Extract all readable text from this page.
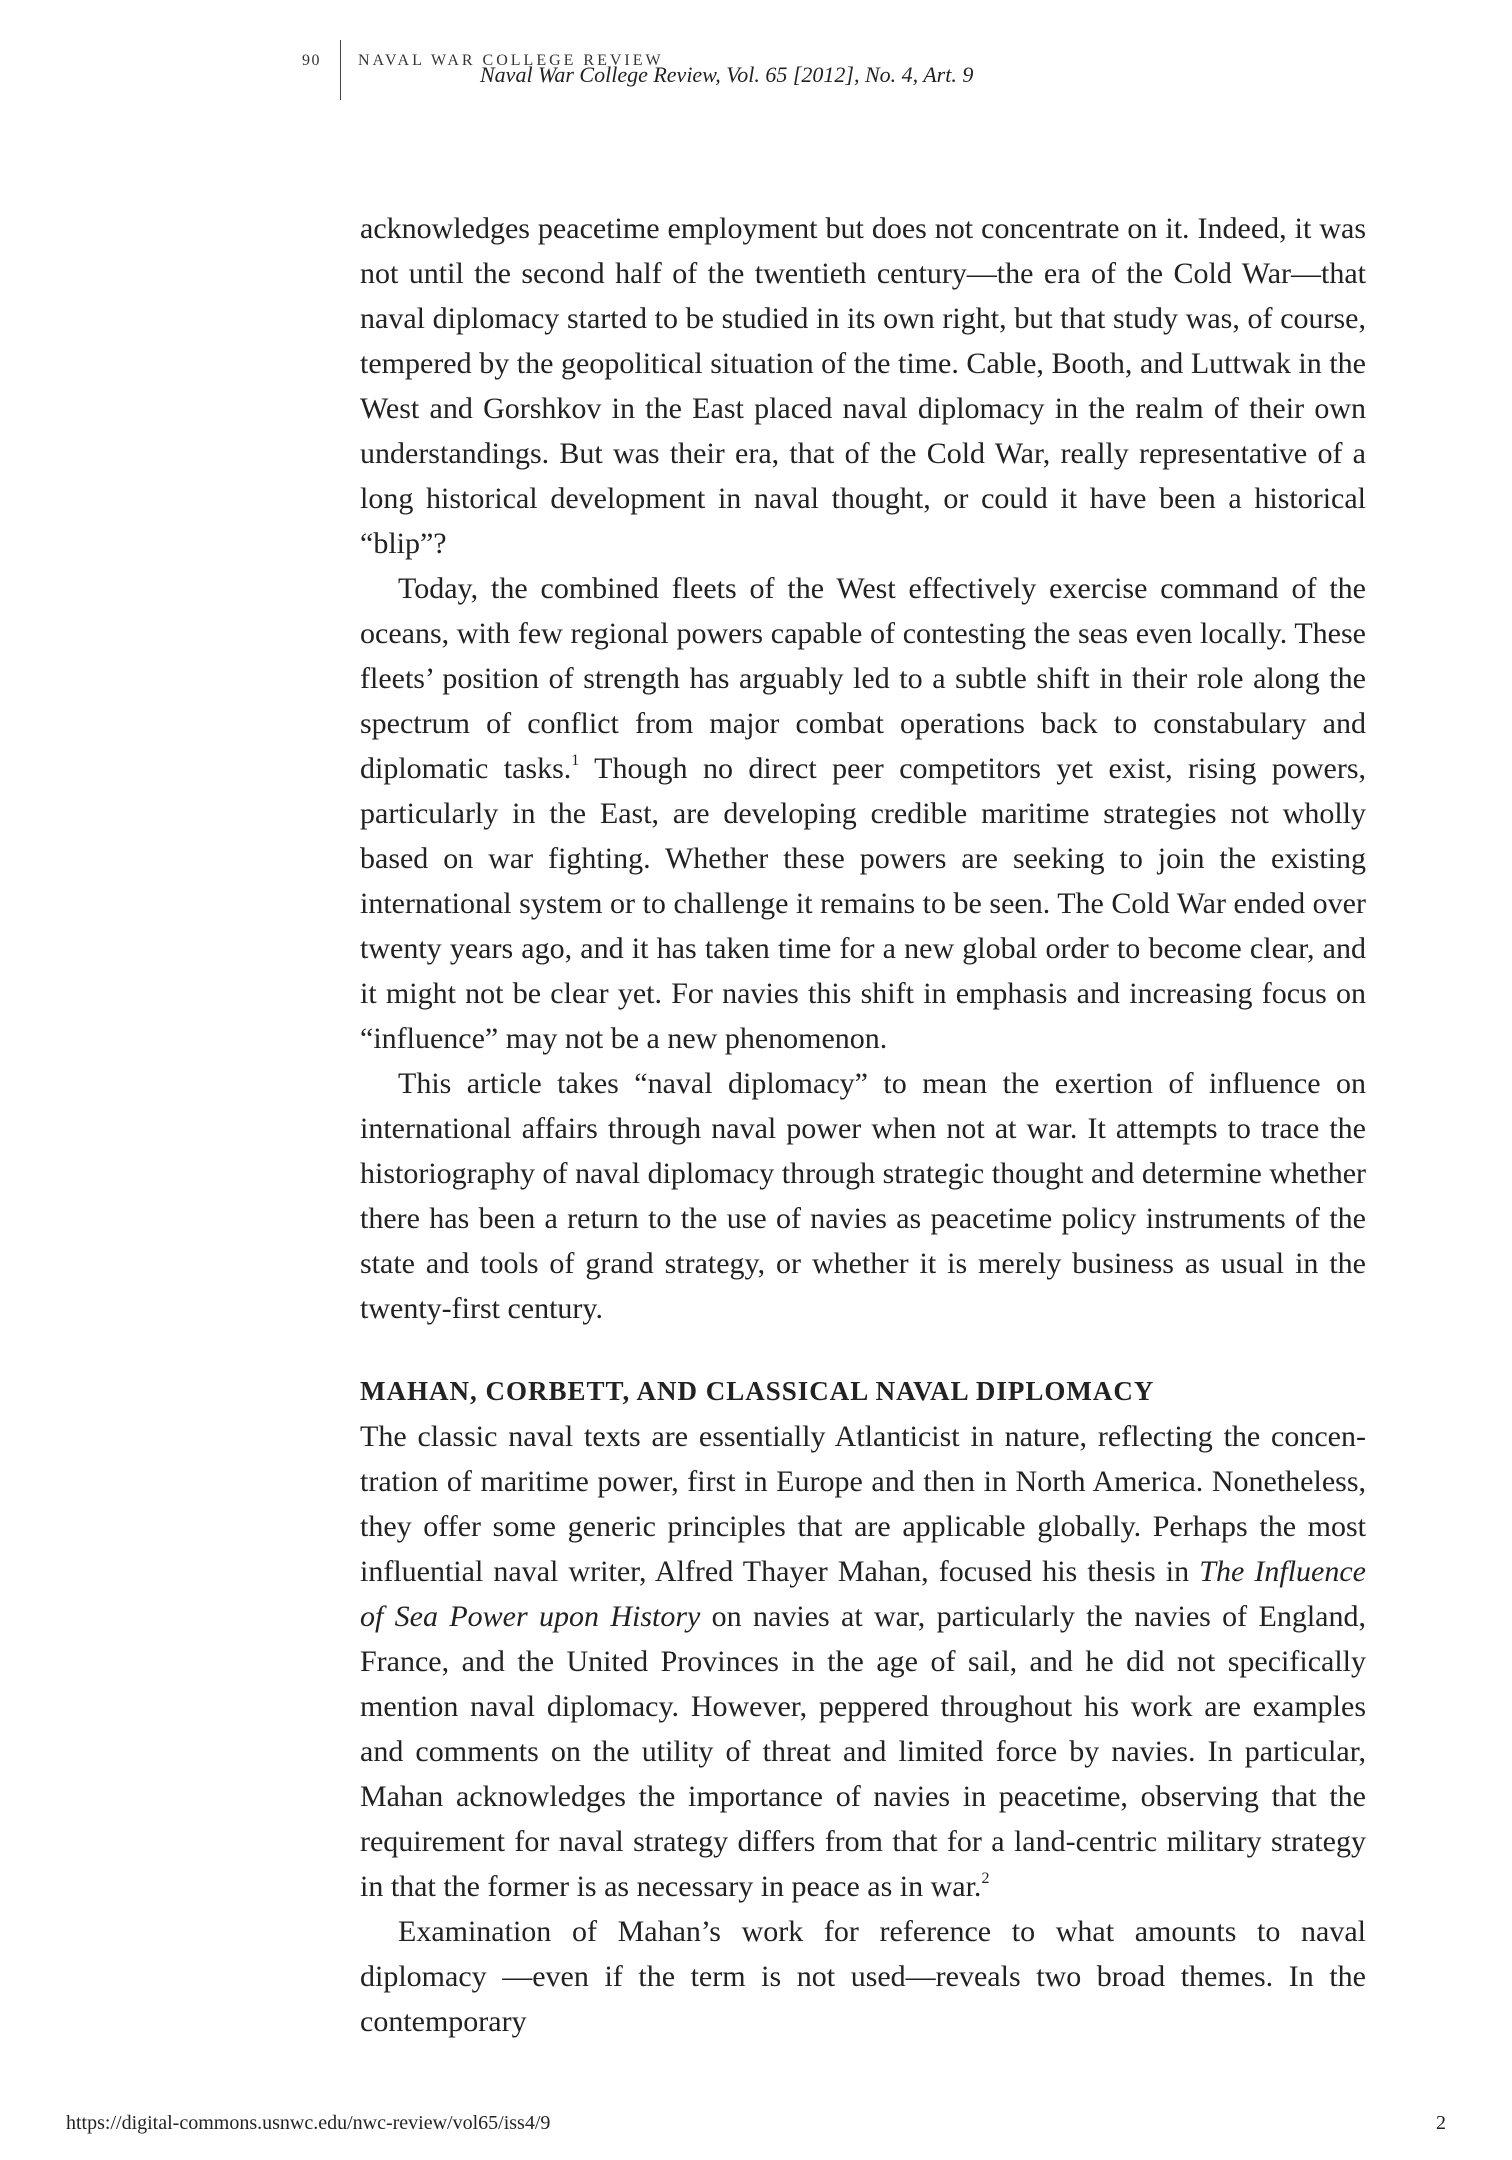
90 NAVAL WAR COLLEGE REVIEW
Naval War College Review, Vol. 65 [2012], No. 4, Art. 9

acknowledges peacetime employment but does not concentrate on it. Indeed, it was not until the second half of the twentieth century—the era of the Cold War—that naval diplomacy started to be studied in its own right, but that study was, of course, tempered by the geopolitical situation of the time. Cable, Booth, and Luttwak in the West and Gorshkov in the East placed naval diplomacy in the realm of their own understandings. But was their era, that of the Cold War, really representative of a long historical development in naval thought, or could it have been a historical “blip”?

Today, the combined fleets of the West effectively exercise command of the oceans, with few regional powers capable of contesting the seas even locally. These fleets’ position of strength has arguably led to a subtle shift in their role along the spectrum of conflict from major combat operations back to constabulary and diplomatic tasks.$^1$ Though no direct peer competitors yet exist, rising powers, particularly in the East, are developing credible maritime strategies not wholly based on war fighting. Whether these powers are seeking to join the existing international system or to challenge it remains to be seen. The Cold War ended over twenty years ago, and it has taken time for a new global order to become clear, and it might not be clear yet. For navies this shift in emphasis and increasing focus on “influence” may not be a new phenomenon.

This article takes “naval diplomacy” to mean the exertion of influence on international affairs through naval power when not at war. It attempts to trace the historiography of naval diplomacy through strategic thought and determine whether there has been a return to the use of navies as peacetime policy instruments of the state and tools of grand strategy, or whether it is merely business as usual in the twenty-first century.

MAHAN, CORBETT, AND CLASSICAL NAVAL DIPLOMACY

The classic naval texts are essentially Atlanticist in nature, reflecting the concentration of maritime power, first in Europe and then in North America. Nonetheless, they offer some generic principles that are applicable globally. Perhaps the most influential naval writer, Alfred Thayer Mahan, focused his thesis in The Influence of Sea Power upon History on navies at war, particularly the navies of England, France, and the United Provinces in the age of sail, and he did not specifically mention naval diplomacy. However, peppered throughout his work are examples and comments on the utility of threat and limited force by navies. In particular, Mahan acknowledges the importance of navies in peacetime, observing that the requirement for naval strategy differs from that for a land-centric military strategy in that the former is as necessary in peace as in war.$^2$

Examination of Mahan’s work for reference to what amounts to naval diplomacy —even if the term is not used—reveals two broad themes. In the contemporary

https://digital-commons.usnwc.edu/nwc-review/vol65/iss4/9	2
